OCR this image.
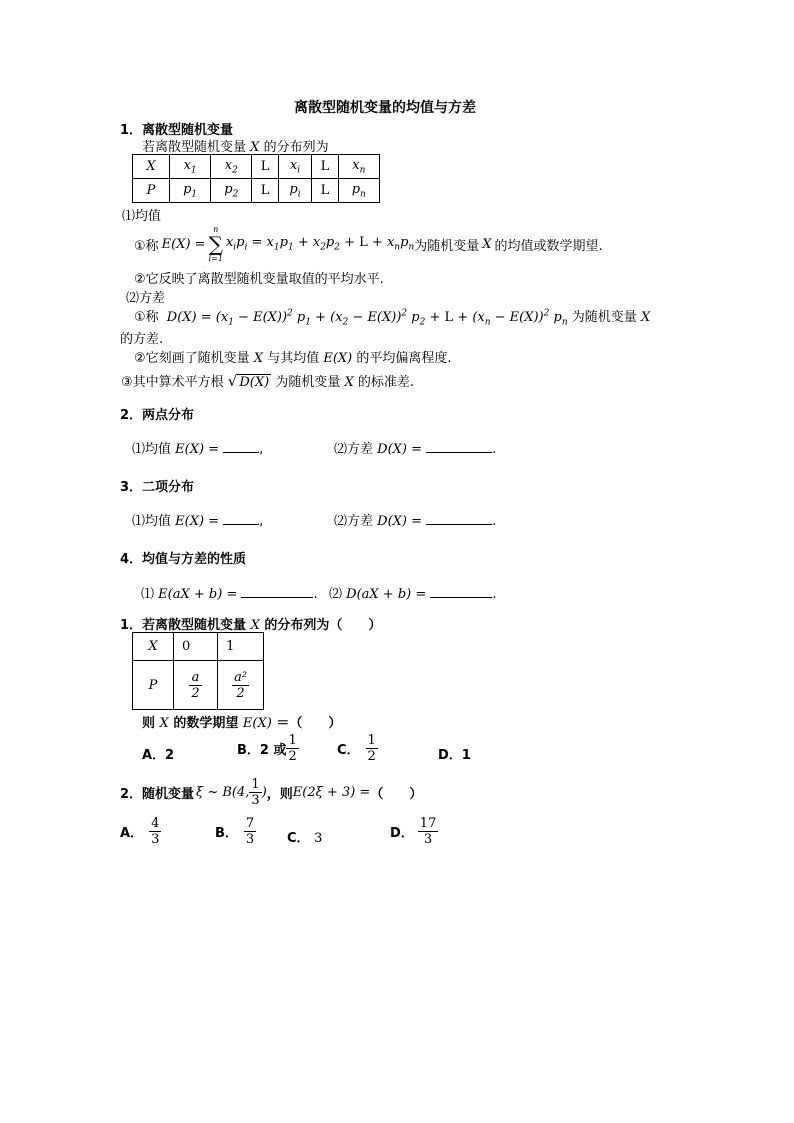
离散型随机变量的均值与方差
1．离散型随机变量
若离散型随机变量 X 的分布列为
X	$x_1$	$x_2$	L	$x_i$	L	$x_n$
P	$p_1$	$p_2$	L	$p_i$	L	$p_n$
⑴均值
①称 E(X) =
n
∑
i=1
$x_ip_i = x_1p_1 + x_2p_2 + L + x_np_n$ 为随机变量 X 的均值或数学期望.
②它反映了离散型随机变量取值的平均水平.
⑵方差
①称 $D(X) = (x_1 - E(X))^2$ $p_1 + (x_2 - E(X))^2$ $p_2 + L + (x_n - E(X))^2$ $p_n$ 为随机变量 X
的方差.
②它刻画了随机变量 X 与其均值 E(X) 的平均偏离程度.
③其中算术平方根 √ D(X) 为随机变量 X 的标准差.
2．两点分布
⑴均值 E(X) =	,	⑵方差 D(X) =	.
3．二项分布
⑴均值 E(X) =	,	⑵方差 D(X) =	.
4．均值与方差的性质
⑴ E(aX + b) =	. ⑵ D(aX + b) =	.
1．若离散型随机变量 X 的分布列为（　　）
X	0	1
P	$\frac{a}{2}$	$\frac{\text{a²}}{2}$
则 X 的数学期望 E(X) ＝（　　）
A．2	B．2 或 $\frac{1}{2}$	C． $\frac{1}{2}$	D．1
2．随机变量 ξ ~ B(4, $\frac{1}{3}$ ) ，则 E(2ξ + 3) = （　　）
A． $\frac{4}{3}$	B． $\frac{7}{3}$ C． 3	D． $\frac{17}{3}$
